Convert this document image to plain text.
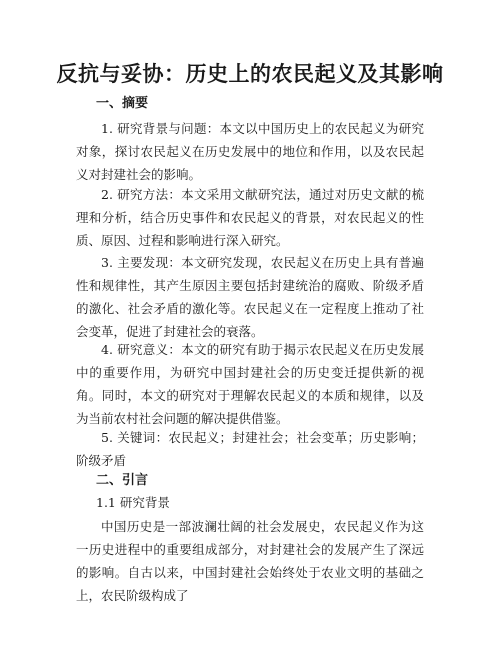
反抗与妥协：历史上的农民起义及其影响
一、摘要
1. 研究背景与问题：本文以中国历史上的农民起义为研究对象，探讨农民起义在历史发展中的地位和作用，以及农民起义对封建社会的影响。
2. 研究方法：本文采用文献研究法，通过对历史文献的梳理和分析，结合历史事件和农民起义的背景，对农民起义的性质、原因、过程和影响进行深入研究。
3. 主要发现：本文研究发现，农民起义在历史上具有普遍性和规律性，其产生原因主要包括封建统治的腐败、阶级矛盾的激化、社会矛盾的激化等。农民起义在一定程度上推动了社会变革，促进了封建社会的衰落。
4. 研究意义：本文的研究有助于揭示农民起义在历史发展中的重要作用，为研究中国封建社会的历史变迁提供新的视角。同时，本文的研究对于理解农民起义的本质和规律，以及为当前农村社会问题的解决提供借鉴。
5. 关键词：农民起义；封建社会；社会变革；历史影响；阶级矛盾
二、引言
1.1 研究背景
中国历史是一部波澜壮阔的社会发展史，农民起义作为这一历史进程中的重要组成部分，对封建社会的发展产生了深远的影响。自古以来，中国封建社会始终处于农业文明的基础之上，农民阶级构成了
